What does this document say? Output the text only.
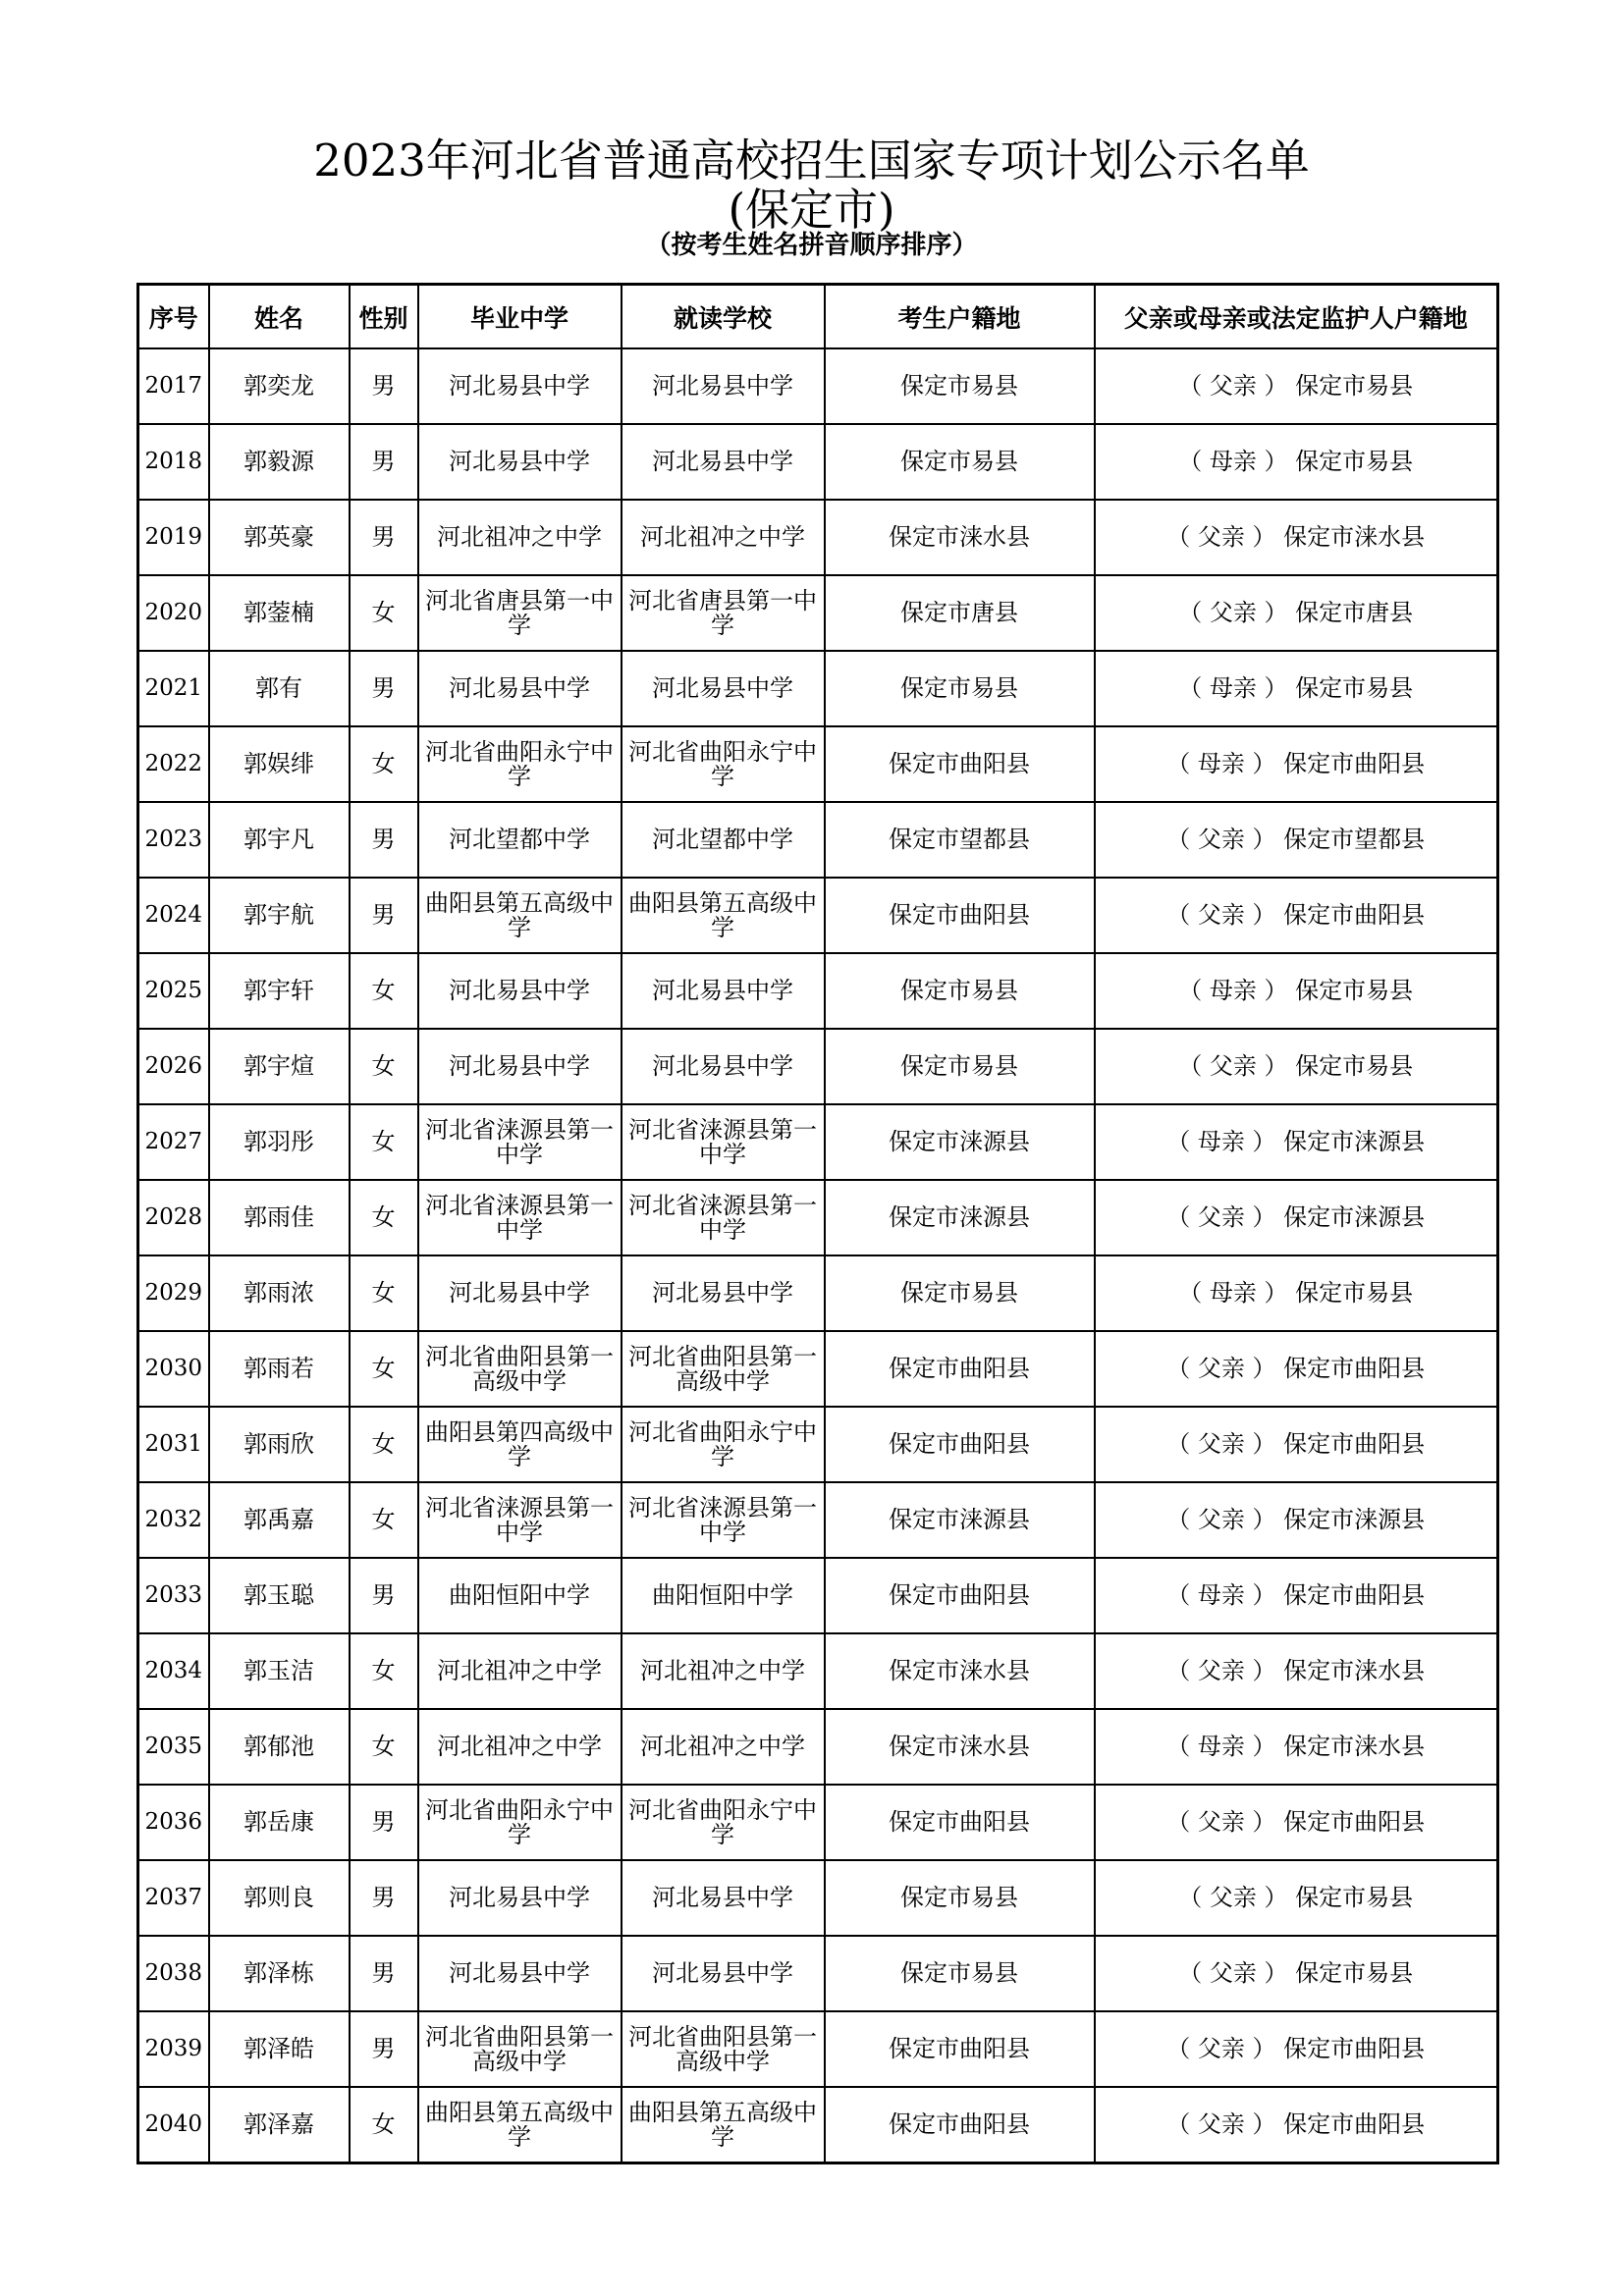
2023年河北省普通高校招生国家专项计划公示名单
(保定市)
（按考生姓名拼音顺序排序）
序号	姓名	性别	毕业中学	就读学校	考生户籍地	父亲或母亲或法定监护人户籍地
2017	郭奕龙	男	河北易县中学	河北易县中学	保定市易县	（ 父亲 ） 保定市易县
2018	郭毅源	男	河北易县中学	河北易县中学	保定市易县	（ 母亲 ） 保定市易县
2019	郭英豪	男	河北祖冲之中学	河北祖冲之中学	保定市涞水县	（ 父亲 ） 保定市涞水县
2020	郭蓥楠	女	河北省唐县第一中学	河北省唐县第一中学	保定市唐县	（ 父亲 ） 保定市唐县
2021	郭有	男	河北易县中学	河北易县中学	保定市易县	（ 母亲 ） 保定市易县
2022	郭娱绯	女	河北省曲阳永宁中学	河北省曲阳永宁中学	保定市曲阳县	（ 母亲 ） 保定市曲阳县
2023	郭宇凡	男	河北望都中学	河北望都中学	保定市望都县	（ 父亲 ） 保定市望都县
2024	郭宇航	男	曲阳县第五高级中学	曲阳县第五高级中学	保定市曲阳县	（ 父亲 ） 保定市曲阳县
2025	郭宇轩	女	河北易县中学	河北易县中学	保定市易县	（ 母亲 ） 保定市易县
2026	郭宇煊	女	河北易县中学	河北易县中学	保定市易县	（ 父亲 ） 保定市易县
2027	郭羽彤	女	河北省涞源县第一中学	河北省涞源县第一中学	保定市涞源县	（ 母亲 ） 保定市涞源县
2028	郭雨佳	女	河北省涞源县第一中学	河北省涞源县第一中学	保定市涞源县	（ 父亲 ） 保定市涞源县
2029	郭雨浓	女	河北易县中学	河北易县中学	保定市易县	（ 母亲 ） 保定市易县
2030	郭雨若	女	河北省曲阳县第一高级中学	河北省曲阳县第一高级中学	保定市曲阳县	（ 父亲 ） 保定市曲阳县
2031	郭雨欣	女	曲阳县第四高级中学	河北省曲阳永宁中学	保定市曲阳县	（ 父亲 ） 保定市曲阳县
2032	郭禹嘉	女	河北省涞源县第一中学	河北省涞源县第一中学	保定市涞源县	（ 父亲 ） 保定市涞源县
2033	郭玉聪	男	曲阳恒阳中学	曲阳恒阳中学	保定市曲阳县	（ 母亲 ） 保定市曲阳县
2034	郭玉洁	女	河北祖冲之中学	河北祖冲之中学	保定市涞水县	（ 父亲 ） 保定市涞水县
2035	郭郁池	女	河北祖冲之中学	河北祖冲之中学	保定市涞水县	（ 母亲 ） 保定市涞水县
2036	郭岳康	男	河北省曲阳永宁中学	河北省曲阳永宁中学	保定市曲阳县	（ 父亲 ） 保定市曲阳县
2037	郭则良	男	河北易县中学	河北易县中学	保定市易县	（ 父亲 ） 保定市易县
2038	郭泽栋	男	河北易县中学	河北易县中学	保定市易县	（ 父亲 ） 保定市易县
2039	郭泽皓	男	河北省曲阳县第一高级中学	河北省曲阳县第一高级中学	保定市曲阳县	（ 父亲 ） 保定市曲阳县
2040	郭泽嘉	女	曲阳县第五高级中学	曲阳县第五高级中学	保定市曲阳县	（ 父亲 ） 保定市曲阳县
